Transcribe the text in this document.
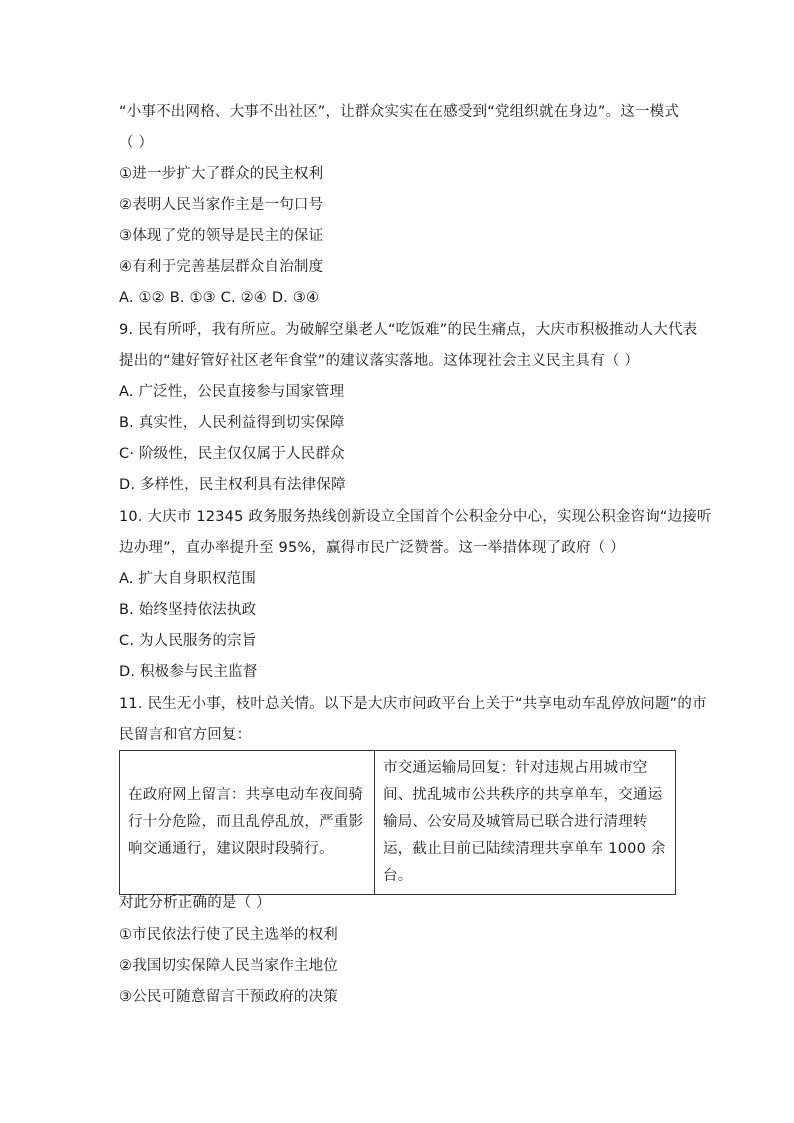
“小事不出网格、大事不出社区”，让群众实实在在感受到“党组织就在身边”。这一模式
（ ）
①进一步扩大了群众的民主权利
②表明人民当家作主是一句口号
③体现了党的领导是民主的保证
④有利于完善基层群众自治制度
A. ①② B. ①③ C. ②④ D. ③④
9. 民有所呼，我有所应。为破解空巢老人“吃饭难”的民生痛点，大庆市积极推动人大代表
提出的“建好管好社区老年食堂”的建议落实落地。这体现社会主义民主具有（ ）
A. 广泛性，公民直接参与国家管理
B. 真实性，人民利益得到切实保障
C· 阶级性，民主仅仅属于人民群众
D. 多样性，民主权利具有法律保障
10. 大庆市 12345 政务服务热线创新设立全国首个公积金分中心，实现公积金咨询“边接听
边办理”，直办率提升至 95%，赢得市民广泛赞誉。这一举措体现了政府（ ）
A. 扩大自身职权范围
B. 始终坚持依法执政
C. 为人民服务的宗旨
D. 积极参与民主监督
11. 民生无小事，枝叶总关情。以下是大庆市问政平台上关于“共享电动车乱停放问题”的市
民留言和官方回复：
在政府网上留言：共享电动车夜间骑行十分危险，而且乱停乱放，严重影响交通通行，建议限时段骑行。	市交通运输局回复：针对违规占用城市空间、扰乱城市公共秩序的共享单车，交通运输局、公安局及城管局已联合进行清理转运，截止目前已陆续清理共享单车 1000 余台。
对此分析正确的是（ ）
①市民依法行使了民主选举的权利
②我国切实保障人民当家作主地位
③公民可随意留言干预政府的决策
